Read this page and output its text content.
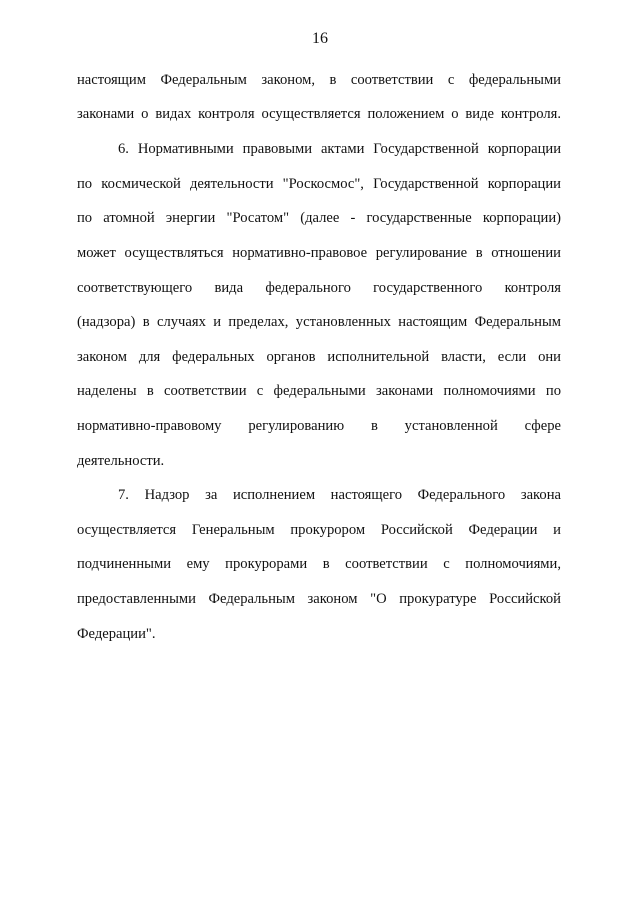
16
настоящим Федеральным законом, в соответствии с федеральными
законами о видах контроля осуществляется положением о виде контроля.
6. Нормативными правовыми актами Государственной корпорации
по космической деятельности "Роскосмос", Государственной корпорации
по атомной энергии "Росатом" (далее - государственные корпорации)
может осуществляться нормативно-правовое регулирование в отношении
соответствующего вида федерального государственного контроля
(надзора) в случаях и пределах, установленных настоящим Федеральным
законом для федеральных органов исполнительной власти, если они
наделены в соответствии с федеральными законами полномочиями по
нормативно-правовому регулированию в установленной сфере
деятельности.
7. Надзор за исполнением настоящего Федерального закона
осуществляется Генеральным прокурором Российской Федерации и
подчиненными ему прокурорами в соответствии с полномочиями,
предоставленными Федеральным законом "О прокуратуре Российской
Федерации".
